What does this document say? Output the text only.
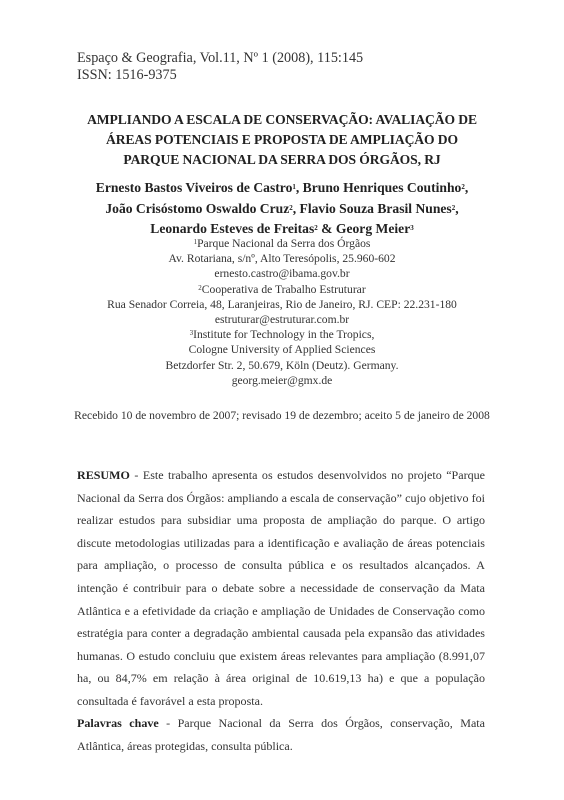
Espaço & Geografia, Vol.11, Nº 1 (2008), 115:145
ISSN: 1516-9375
AMPLIANDO A ESCALA DE CONSERVAÇÃO: AVALIAÇÃO DE
ÁREAS POTENCIAIS E PROPOSTA DE AMPLIAÇÃO DO
PARQUE NACIONAL DA SERRA DOS ÓRGÃOS, RJ
Ernesto Bastos Viveiros de Castro$^1$, Bruno Henriques Coutinho$^2$,
João Crisóstomo Oswaldo Cruz$^2$, Flavio Souza Brasil Nunes$^2$,
Leonardo Esteves de Freitas$^2$ & Georg Meier$^3$
$^1$Parque Nacional da Serra dos Órgãos
Av. Rotariana, s/nº, Alto Teresópolis, 25.960-602
ernesto.castro@ibama.gov.br
$^2$Cooperativa de Trabalho Estruturar
Rua Senador Correia, 48, Laranjeiras, Rio de Janeiro, RJ. CEP: 22.231-180
estruturar@estruturar.com.br
$^3$Institute for Technology in the Tropics,
Cologne University of Applied Sciences
Betzdorfer Str. 2, 50.679, Köln (Deutz). Germany.
georg.meier@gmx.de
Recebido 10 de novembro de 2007; revisado 19 de dezembro; aceito 5 de janeiro de 2008
RESUMO - Este trabalho apresenta os estudos desenvolvidos no projeto “Parque Nacional da Serra dos Órgãos: ampliando a escala de conservação” cujo objetivo foi realizar estudos para subsidiar uma proposta de ampliação do parque. O artigo discute metodologias utilizadas para a identificação e avaliação de áreas potenciais para ampliação, o processo de consulta pública e os resultados alcançados. A intenção é contribuir para o debate sobre a necessidade de conservação da Mata Atlântica e a efetividade da criação e ampliação de Unidades de Conservação como estratégia para conter a degradação ambiental causada pela expansão das atividades humanas. O estudo concluiu que existem áreas relevantes para ampliação (8.991,07 ha, ou 84,7% em relação à área original de 10.619,13 ha) e que a população consultada é favorável a esta proposta.
Palavras chave - Parque Nacional da Serra dos Órgãos, conservação, Mata Atlântica, áreas protegidas, consulta pública.
